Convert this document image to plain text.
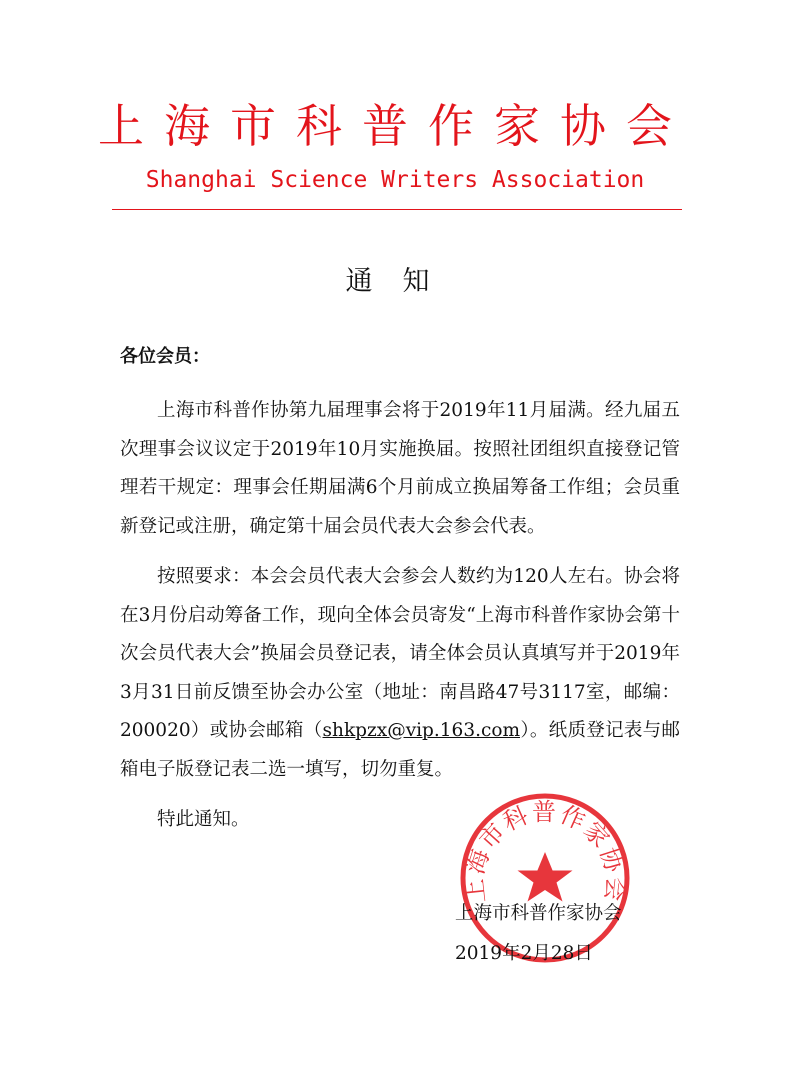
上海市科普作家协会
Shanghai Science Writers Association
通知
各位会员：

上海市科普作协第九届理事会将于2019年11月届满。经九届五次理事会议议定于2019年10月实施换届。按照社团组织直接登记管理若干规定：理事会任期届满6个月前成立换届筹备工作组；会员重新登记或注册，确定第十届会员代表大会参会代表。

按照要求：本会会员代表大会参会人数约为120人左右。协会将在3月份启动筹备工作，现向全体会员寄发“上海市科普作家协会第十次会员代表大会”换届会员登记表，请全体会员认真填写并于2019年3月31日前反馈至协会办公室（地址：南昌路47号3117室，邮编：200020）或协会邮箱（shkpzx@vip.163.com）。纸质登记表与邮箱电子版登记表二选一填写，切勿重复。

特此通知。

上海市科普作家协会
上海市科普作家协会
2019年2月28日
